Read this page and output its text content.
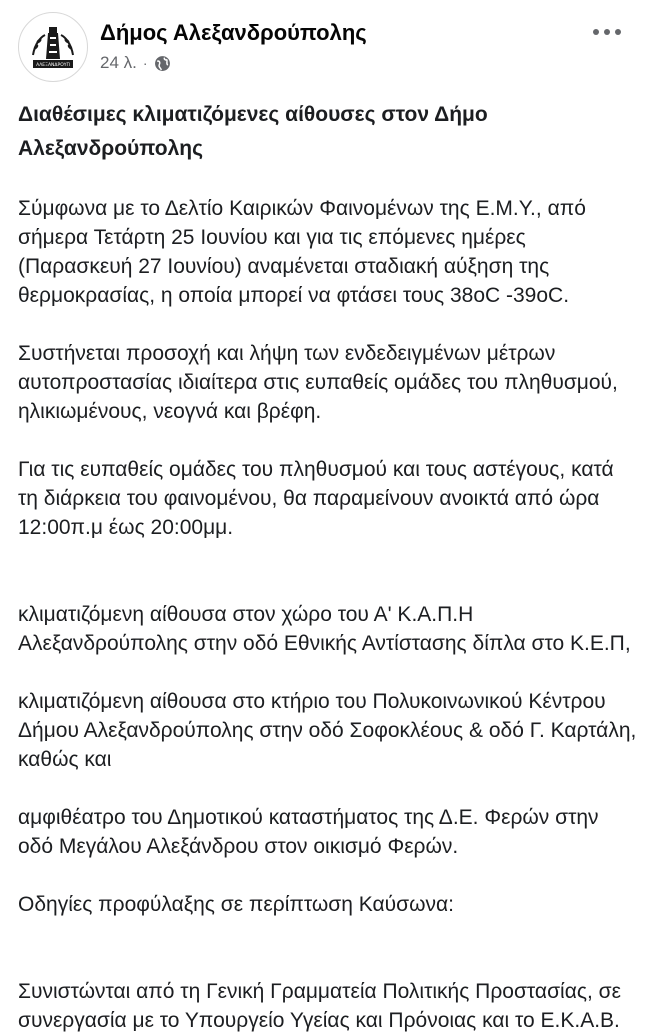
ΑΛΕΞΑΝΔΡΟΥΠ
Δήμος Αλεξανδρούπολης
24 λ. ·
Διαθέσιμες κλιματιζόμενες αίθουσες στον Δήμο Αλεξανδρούπολης

Σύμφωνα με το Δελτίο Καιρικών Φαινομένων της Ε.Μ.Υ., από σήμερα Τετάρτη 25 Ιουνίου και για τις επόμενες ημέρες (Παρασκευή 27 Ιουνίου) αναμένεται σταδιακή αύξηση της θερμοκρασίας, η οποία μπορεί να φτάσει τους 38oC -39oC.

Συστήνεται προσοχή και λήψη των ενδεδειγμένων μέτρων αυτοπροστασίας ιδιαίτερα στις ευπαθείς ομάδες του πληθυσμού, ηλικιωμένους, νεογνά και βρέφη.

Για τις ευπαθείς ομάδες του πληθυσμού και τους αστέγους, κατά τη διάρκεια του φαινομένου, θα παραμείνουν ανοικτά από ώρα 12:00π.μ έως 20:00μμ.

κλιματιζόμενη αίθουσα στον χώρο του Α' Κ.Α.Π.Η Αλεξανδρούπολης στην οδό Εθνικής Αντίστασης δίπλα στο Κ.Ε.Π,

κλιματιζόμενη αίθουσα στο κτήριο του Πολυκοινωνικού Κέντρου Δήμου Αλεξανδρούπολης στην οδό Σοφοκλέους & οδό Γ. Καρτάλη, καθώς και

αμφιθέατρο του Δημοτικού καταστήματος της Δ.Ε. Φερών στην οδό Μεγάλου Αλεξάνδρου στον οικισμό Φερών.

Οδηγίες προφύλαξης σε περίπτωση Καύσωνα:

Συνιστώνται από τη Γενική Γραμματεία Πολιτικής Προστασίας, σε συνεργασία με το Υπουργείο Υγείας και Πρόνοιας και το Ε.Κ.Α.Β.
